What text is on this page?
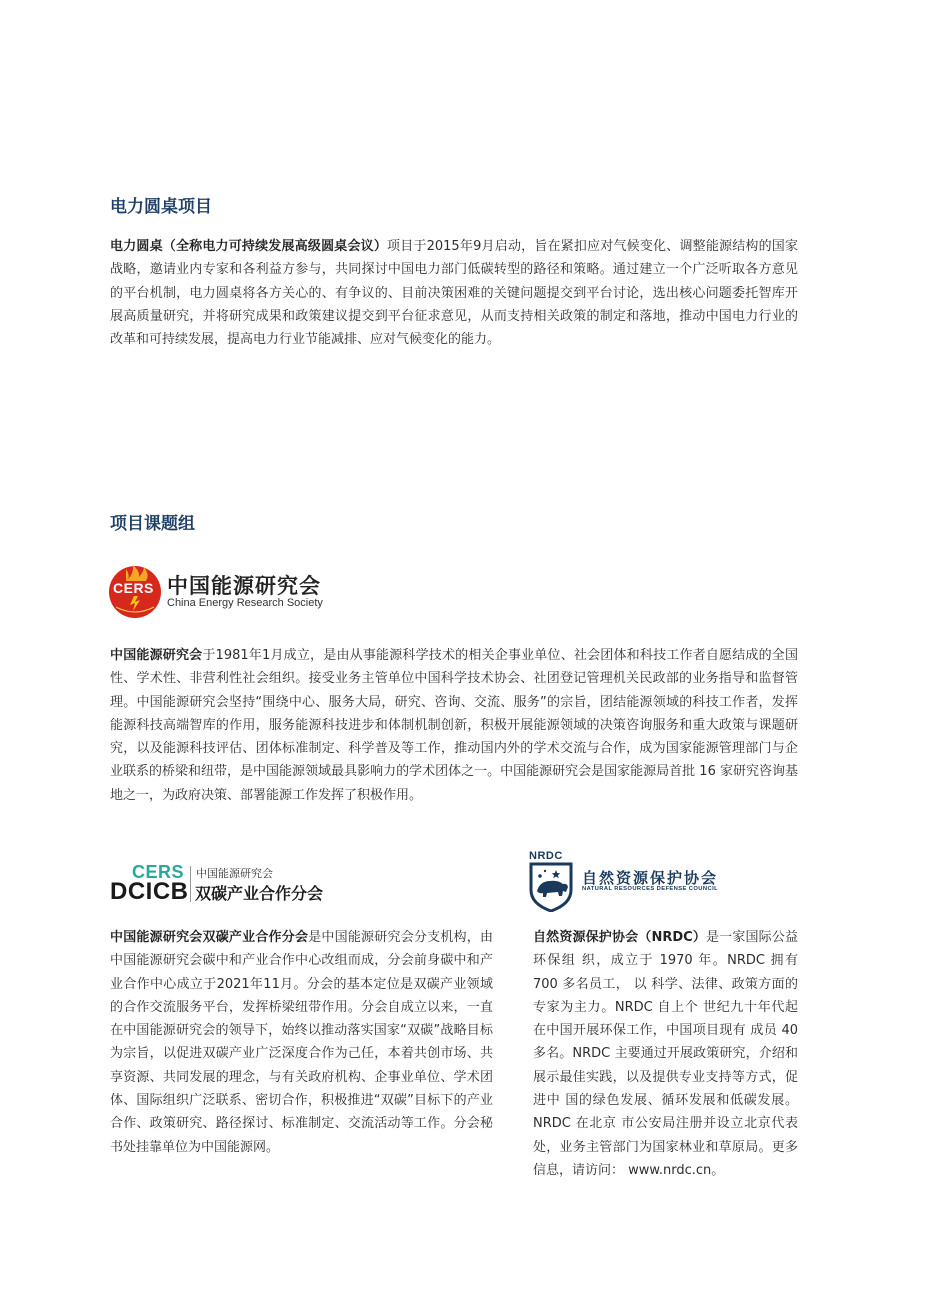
电力圆桌项目

电力圆桌（全称电力可持续发展高级圆桌会议）项目于2015年9月启动，旨在紧扣应对气候变化、调整能源结构的国家战略，邀请业内专家和各利益方参与，共同探讨中国电力部门低碳转型的路径和策略。通过建立一个广泛听取各方意见的平台机制，电力圆桌将各方关心的、有争议的、目前决策困难的关键问题提交到平台讨论，选出核心问题委托智库开展高质量研究，并将研究成果和政策建议提交到平台征求意见，从而支持相关政策的制定和落地，推动中国电力行业的改革和可持续发展，提高电力行业节能减排、应对气候变化的能力。

项目课题组
CERS 中国能源研究会
China Energy Research Society

中国能源研究会于1981年1月成立，是由从事能源科学技术的相关企事业单位、社会团体和科技工作者自愿结成的全国性、学术性、非营利性社会组织。接受业务主管单位中国科学技术协会、社团登记管理机关民政部的业务指导和监督管理。中国能源研究会坚持“围绕中心、服务大局，研究、咨询、交流、服务”的宗旨，团结能源领域的科技工作者，发挥能源科技高端智库的作用，服务能源科技进步和体制机制创新，积极开展能源领域的决策咨询服务和重大政策与课题研究，以及能源科技评估、团体标准制定、科学普及等工作，推动国内外的学术交流与合作，成为国家能源管理部门与企业联系的桥梁和纽带，是中国能源领域最具影响力的学术团体之一。中国能源研究会是国家能源局首批 16 家研究咨询基地之一，为政府决策、部署能源工作发挥了积极作用。

CERS
DCICB
中国能源研究会
双碳产业合作分会

中国能源研究会双碳产业合作分会是中国能源研究会分支机构，由中国能源研究会碳中和产业合作中心改组而成，分会前身碳中和产业合作中心成立于2021年11月。分会的基本定位是双碳产业领域的合作交流服务平台，发挥桥梁纽带作用。分会自成立以来，一直在中国能源研究会的领导下，始终以推动落实国家“双碳”战略目标为宗旨，以促进双碳产业广泛深度合作为己任，本着共创市场、共享资源、共同发展的理念，与有关政府机构、企事业单位、学术团体、国际组织广泛联系、密切合作，积极推进“双碳”目标下的产业合作、政策研究、路径探讨、标准制定、交流活动等工作。分会秘书处挂靠单位为中国能源网。

NRDC
自然资源保护协会
NATURAL RESOURCES DEFENSE COUNCIL

自然资源保护协会（NRDC）是一家国际公益环保组 织，成立于 1970 年。NRDC 拥有 700 多名员工， 以 科学、法律、政策方面的专家为主力。NRDC 自上个 世纪九十年代起在中国开展环保工作，中国项目现有 成员 40 多名。NRDC 主要通过开展政策研究，介绍和展示最佳实践，以及提供专业支持等方式，促进中 国的绿色发展、循环发展和低碳发展。NRDC 在北京 市公安局注册并设立北京代表处，业务主管部门为国家林业和草原局。更多信息，请访问： www.nrdc.cn。
